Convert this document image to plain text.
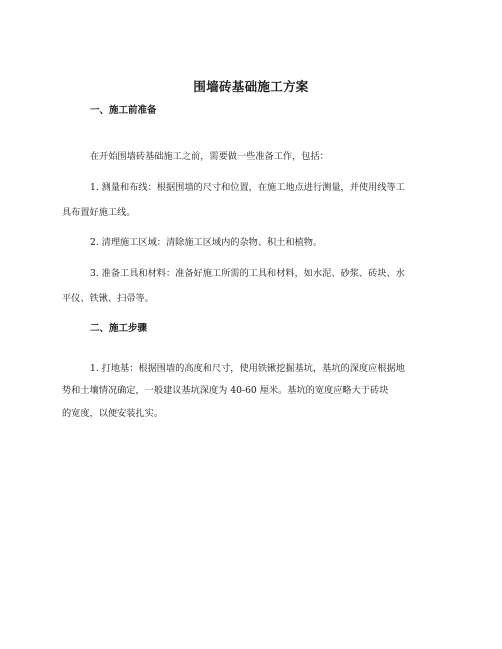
围墙砖基础施工方案
一、施工前准备
在开始围墙砖基础施工之前，需要做一些准备工作，包括：
1. 测量和布线：根据围墙的尺寸和位置，在施工地点进行测量，并使用线等工
具布置好施工线。
2. 清理施工区域：清除施工区域内的杂物、积土和植物。
3. 准备工具和材料：准备好施工所需的工具和材料，如水泥、砂浆、砖块、水
平仪、铁锹、扫帚等。
二、施工步骤
1. 打地基：根据围墙的高度和尺寸，使用铁锹挖掘基坑，基坑的深度应根据地
势和土壤情况确定，一般建议基坑深度为 40-60 厘米。基坑的宽度应略大于砖块
的宽度，以便安装扎实。
